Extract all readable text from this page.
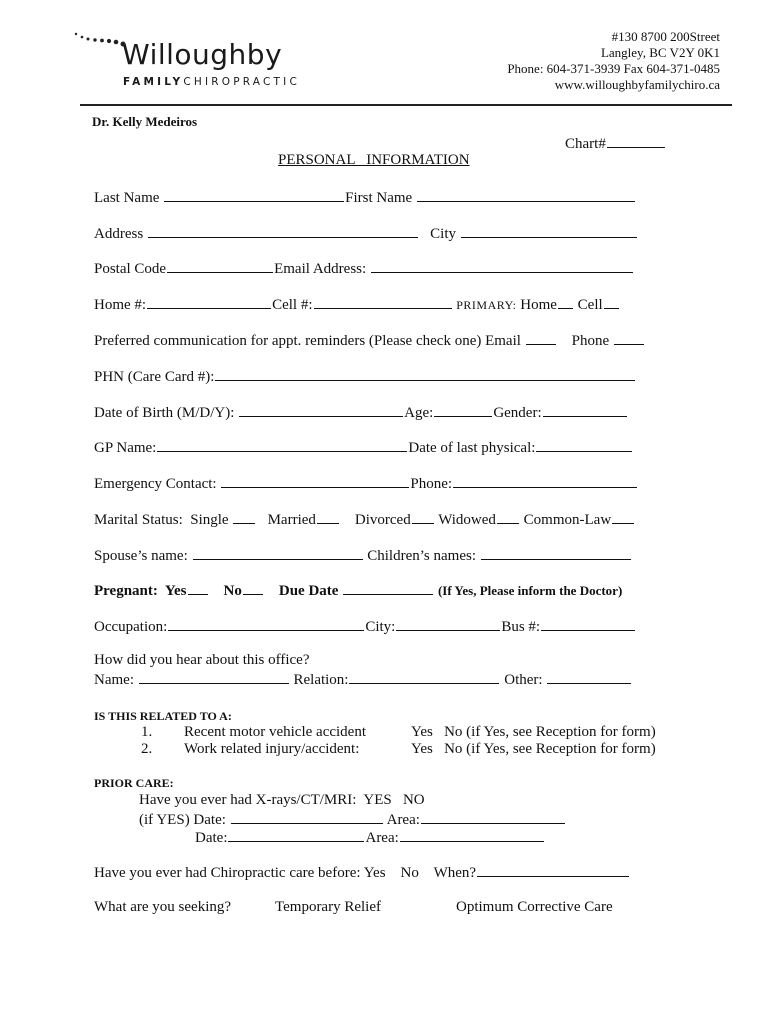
Willoughby
FAMILYCHIROPRACTIC
#130 8700 200Street
Langley, BC V2Y 0K1
Phone: 604-371-3939 Fax 604-371-0485
www.willoughbyfamilychiro.ca
Dr. Kelly Medeiros
Chart#
PERSONAL   INFORMATION
Last Name	First Name
Address	City
Postal Code	Email Address:
Home #:	Cell #:	PRIMARY: Home Cell
Preferred communication for appt. reminders (Please check one) Email	Phone
PHN (Care Card #):
Date of Birth (M/D/Y):	Age:	Gender:
GP Name:	Date of last physical:
Emergency Contact:	Phone:
Marital Status: Single	Married	Divorced Widowed Common-Law
Spouse’s name:	Children’s names:
Pregnant: Yes No Due Date	(If Yes, Please inform the Doctor)
Occupation:	City:	Bus #:
How did you hear about this office?
Name:	Relation:	Other:
IS THIS RELATED TO A:
1. Recent motor vehicle accident	Yes   No (if Yes, see Reception for form)
2. Work related injury/accident:	Yes   No (if Yes, see Reception for form)
PRIOR CARE:
Have you ever had X-rays/CT/MRI:  YES   NO
(if YES) Date:	Area:
Date:	Area:
Have you ever had Chiropractic care before: Yes    No    When?
What are you seeking?	Temporary Relief	Optimum Corrective Care
